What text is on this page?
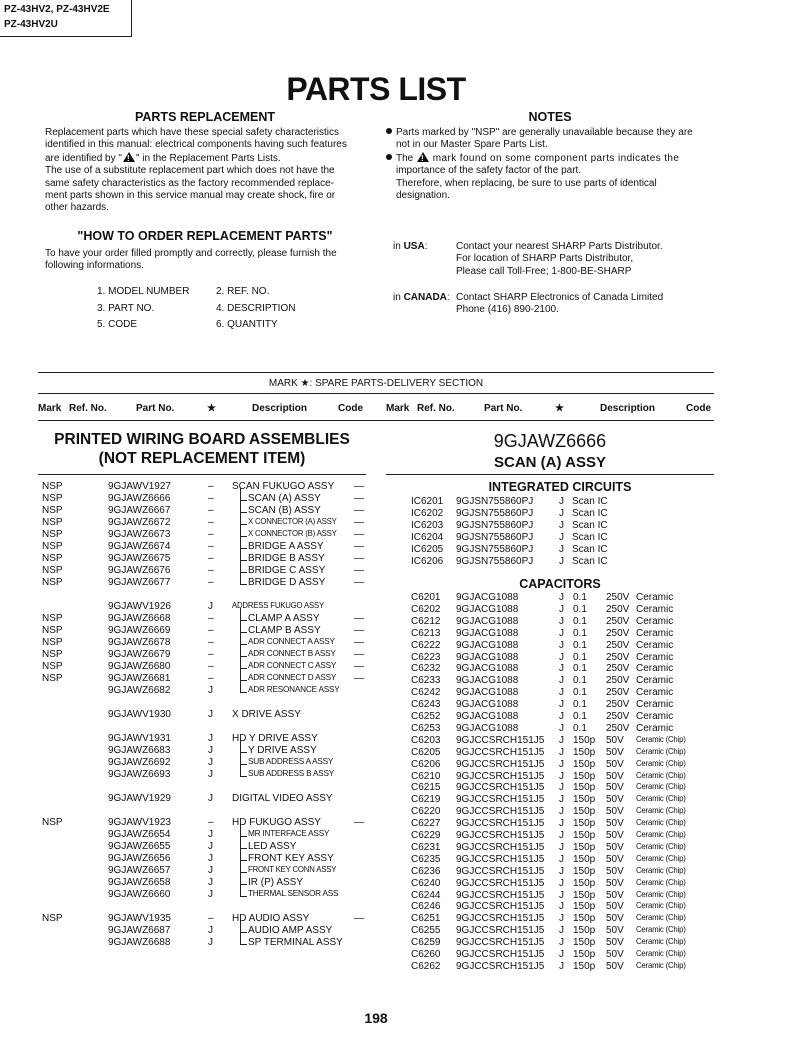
PZ-43HV2, PZ-43HV2E
PZ-43HV2U
PARTS LIST
PARTS REPLACEMENT
Replacement parts which have these special safety characteristics
identified in this manual: electrical components having such features
are identified by " ! " in the Replacement Parts Lists.
The use of a substitute replacement part which does not have the
same safety characteristics as the factory recommended replace-
ment parts shown in this service manual may create shock, fire or
other hazards.
NOTES
Parts marked by "NSP" are generally unavailable because they are
not in our Master Spare Parts List.
The ! mark found on some component parts indicates the
importance of the safety factor of the part.
Therefore, when replacing, be sure to use parts of identical
designation.
"HOW TO ORDER REPLACEMENT PARTS"
To have your order filled promptly and correctly, please furnish the
following informations.
1. MODEL NUMBER	2. REF. NO.
3. PART NO.	4. DESCRIPTION
5. CODE	6. QUANTITY
in USA:	Contact your nearest SHARP Parts Distributor.
For location of SHARP Parts Distributor,
Please call Toll-Free; 1-800-BE-SHARP
in CANADA: Contact SHARP Electronics of Canada Limited
Phone (416) 890-2100.
MARK ★: SPARE PARTS-DELIVERY SECTION
Mark Ref. No.	Part No.	★	Description	Code Mark Ref. No.	Part No.	★	Description	Code
PRINTED WIRING BOARD ASSEMBLIES
(NOT REPLACEMENT ITEM)
NSP	9GJAWV1927	– SCAN FUKUGO ASSY —
NSP	9GJAWZ6666	–	SCAN (A) ASSY	—
NSP	9GJAWZ6667	–	SCAN (B) ASSY	—
NSP	9GJAWZ6672	–	X CONNECTOR (A) ASSY —
NSP	9GJAWZ6673	–	X CONNECTOR (B) ASSY —
NSP	9GJAWZ6674	–	BRIDGE A ASSY	—
NSP	9GJAWZ6675	–	BRIDGE B ASSY	—
NSP	9GJAWZ6676	–	BRIDGE C ASSY	—
NSP	9GJAWZ6677	–	BRIDGE D ASSY	—
9GJAWV1926	J ADDRESS FUKUGO ASSY
NSP	9GJAWZ6668	–	CLAMP A ASSY	—
NSP	9GJAWZ6669	–	CLAMP B ASSY	—
NSP	9GJAWZ6678	–	ADR CONNECT A ASSY —
NSP	9GJAWZ6679	–	ADR CONNECT B ASSY —
NSP	9GJAWZ6680	–	ADR CONNECT C ASSY —
NSP	9GJAWZ6681	–	ADR CONNECT D ASSY —
9GJAWZ6682	J	ADR RESONANCE ASSY
9GJAWV1930	J X DRIVE ASSY
9GJAWV1931	J HD Y DRIVE ASSY
9GJAWZ6683	J	Y DRIVE ASSY
9GJAWZ6692	J	SUB ADDRESS A ASSY
9GJAWZ6693	J	SUB ADDRESS B ASSY
9GJAWV1929	J DIGITAL VIDEO ASSY
NSP	9GJAWV1923	– HD FUKUGO ASSY	—
9GJAWZ6654	J	MR INTERFACE ASSY
9GJAWZ6655	J	LED ASSY
9GJAWZ6656	J	FRONT KEY ASSY
9GJAWZ6657	J	FRONT KEY CONN ASSY
9GJAWZ6658	J	IR (P) ASSY
9GJAWZ6660	J	THERMAL SENSOR ASS
NSP	9GJAWV1935	– HD AUDIO ASSY	—
9GJAWZ6687	J	AUDIO AMP ASSY
9GJAWZ6688	J	SP TERMINAL ASSY
9GJAWZ6666
SCAN (A) ASSY
INTEGRATED CIRCUITS
CAPACITORS
IC6201 9GJSN755860PJ	J Scan IC
IC6202 9GJSN755860PJ	J Scan IC
IC6203 9GJSN755860PJ	J Scan IC
IC6204 9GJSN755860PJ	J Scan IC
IC6205 9GJSN755860PJ	J Scan IC
IC6206 9GJSN755860PJ	J Scan IC
C6201 9GJACG1088	J 0.1 250V Ceramic
C6202 9GJACG1088	J 0.1 250V Ceramic
C6212 9GJACG1088	J 0.1 250V Ceramic
C6213 9GJACG1088	J 0.1 250V Ceramic
C6222 9GJACG1088	J 0.1 250V Ceramic
C6223 9GJACG1088	J 0.1 250V Ceramic
C6232 9GJACG1088	J 0.1 250V Ceramic
C6233 9GJACG1088	J 0.1 250V Ceramic
C6242 9GJACG1088	J 0.1 250V Ceramic
C6243 9GJACG1088	J 0.1 250V Ceramic
C6252 9GJACG1088	J 0.1 250V Ceramic
C6253 9GJACG1088	J 0.1 250V Ceramic
C6203 9GJCCSRCH151J5 J 150p 50V Ceramic (Chip)
C6205 9GJCCSRCH151J5 J 150p 50V Ceramic (Chip)
C6206 9GJCCSRCH151J5 J 150p 50V Ceramic (Chip)
C6210 9GJCCSRCH151J5 J 150p 50V Ceramic (Chip)
C6215 9GJCCSRCH151J5 J 150p 50V Ceramic (Chip)
C6219 9GJCCSRCH151J5 J 150p 50V Ceramic (Chip)
C6220 9GJCCSRCH151J5 J 150p 50V Ceramic (Chip)
C6227 9GJCCSRCH151J5 J 150p 50V Ceramic (Chip)
C6229 9GJCCSRCH151J5 J 150p 50V Ceramic (Chip)
C6231 9GJCCSRCH151J5 J 150p 50V Ceramic (Chip)
C6235 9GJCCSRCH151J5 J 150p 50V Ceramic (Chip)
C6236 9GJCCSRCH151J5 J 150p 50V Ceramic (Chip)
C6240 9GJCCSRCH151J5 J 150p 50V Ceramic (Chip)
C6244 9GJCCSRCH151J5 J 150p 50V Ceramic (Chip)
C6246 9GJCCSRCH151J5 J 150p 50V Ceramic (Chip)
C6251 9GJCCSRCH151J5 J 150p 50V Ceramic (Chip)
C6255 9GJCCSRCH151J5 J 150p 50V Ceramic (Chip)
C6259 9GJCCSRCH151J5 J 150p 50V Ceramic (Chip)
C6260 9GJCCSRCH151J5 J 150p 50V Ceramic (Chip)
C6262 9GJCCSRCH151J5 J 150p 50V Ceramic (Chip)
198
